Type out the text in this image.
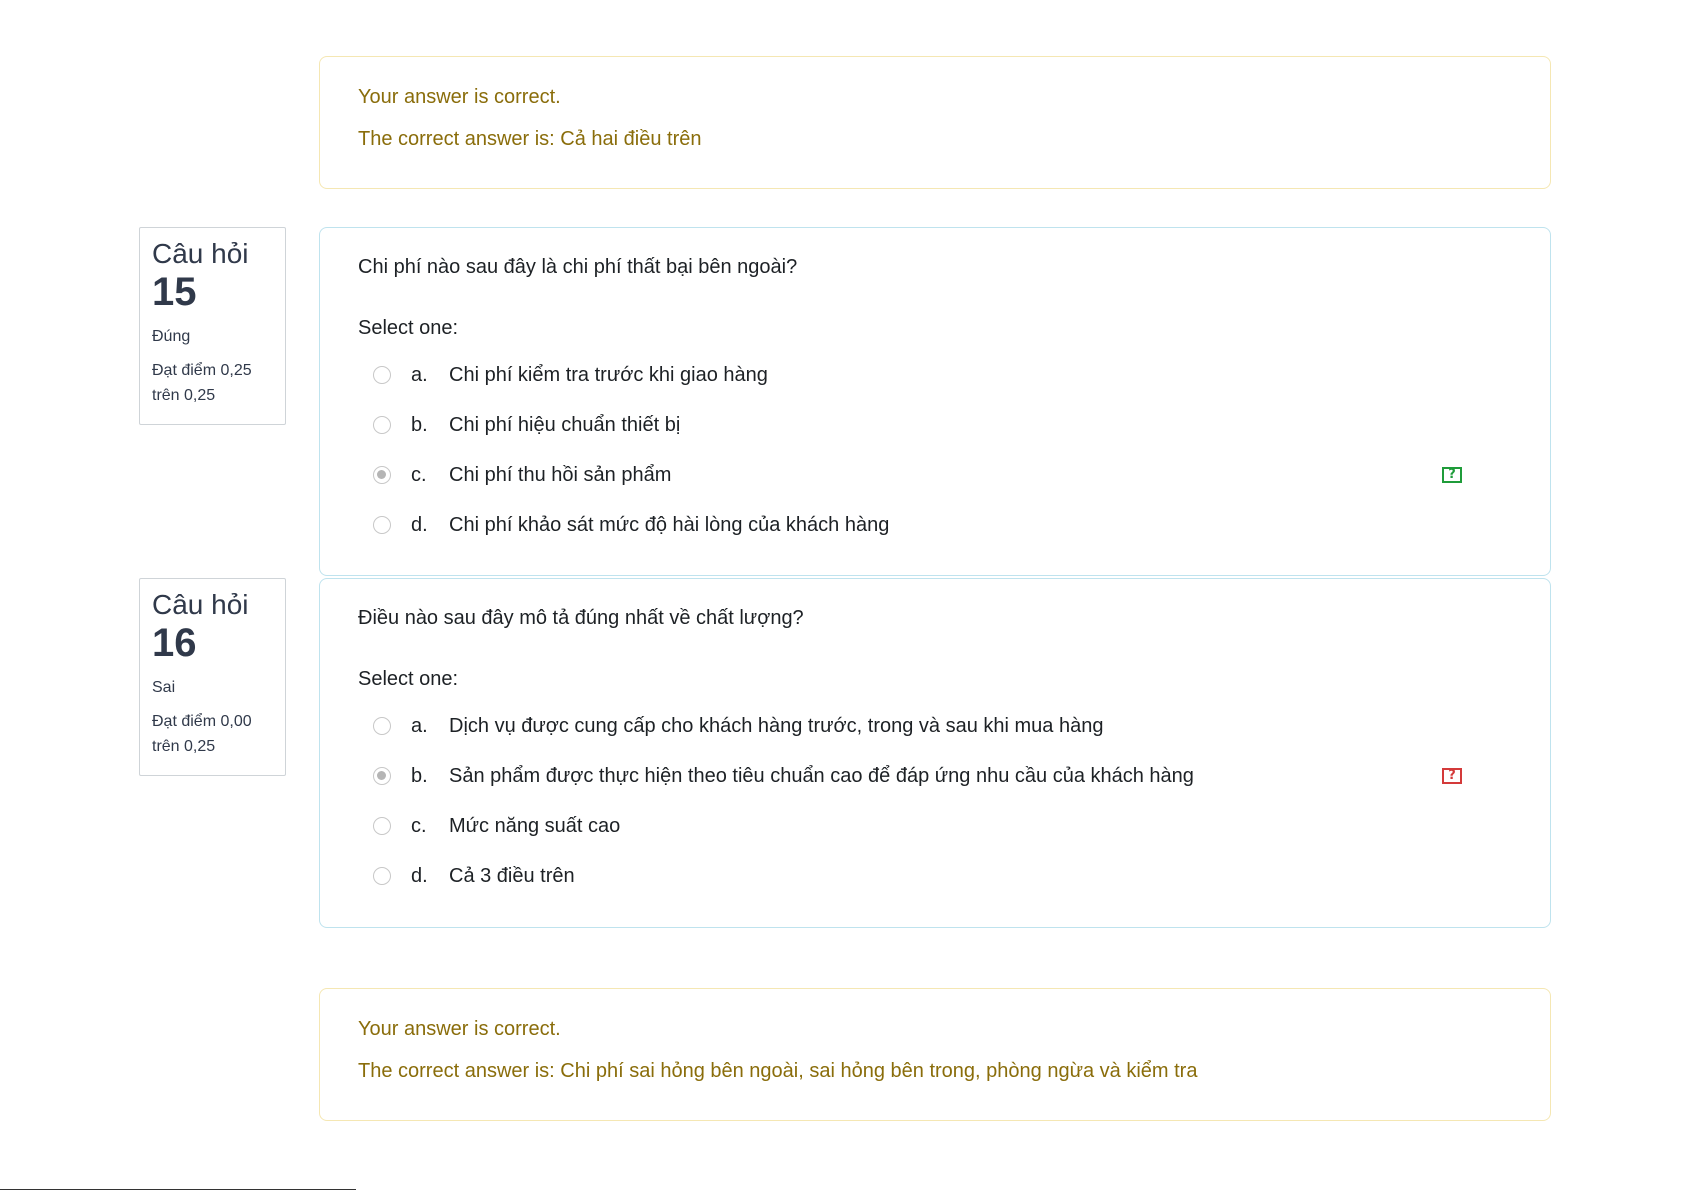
Your answer is correct.

The correct answer is: Cả hai điều trên

Câu hỏi
15
Đúng
Đạt điểm 0,25 trên 0,25

Chi phí nào sau đây là chi phí thất bại bên ngoài?

Select one:

a.	Chi phí kiểm tra trước khi giao hàng
b.	Chi phí hiệu chuẩn thiết bị
c.	Chi phí thu hồi sản phẩm	?
d.	Chi phí khảo sát mức độ hài lòng của khách hàng
Câu hỏi
16
Sai
Đạt điểm 0,00 trên 0,25

Điều nào sau đây mô tả đúng nhất về chất lượng?

Select one:

a.	Dịch vụ được cung cấp cho khách hàng trước, trong và sau khi mua hàng
b.	Sản phẩm được thực hiện theo tiêu chuẩn cao để đáp ứng nhu cầu của khách hàng	?
c.	Mức năng suất cao
d.	Cả 3 điều trên

Your answer is correct.

The correct answer is: Chi phí sai hỏng bên ngoài, sai hỏng bên trong, phòng ngừa và kiểm tra
